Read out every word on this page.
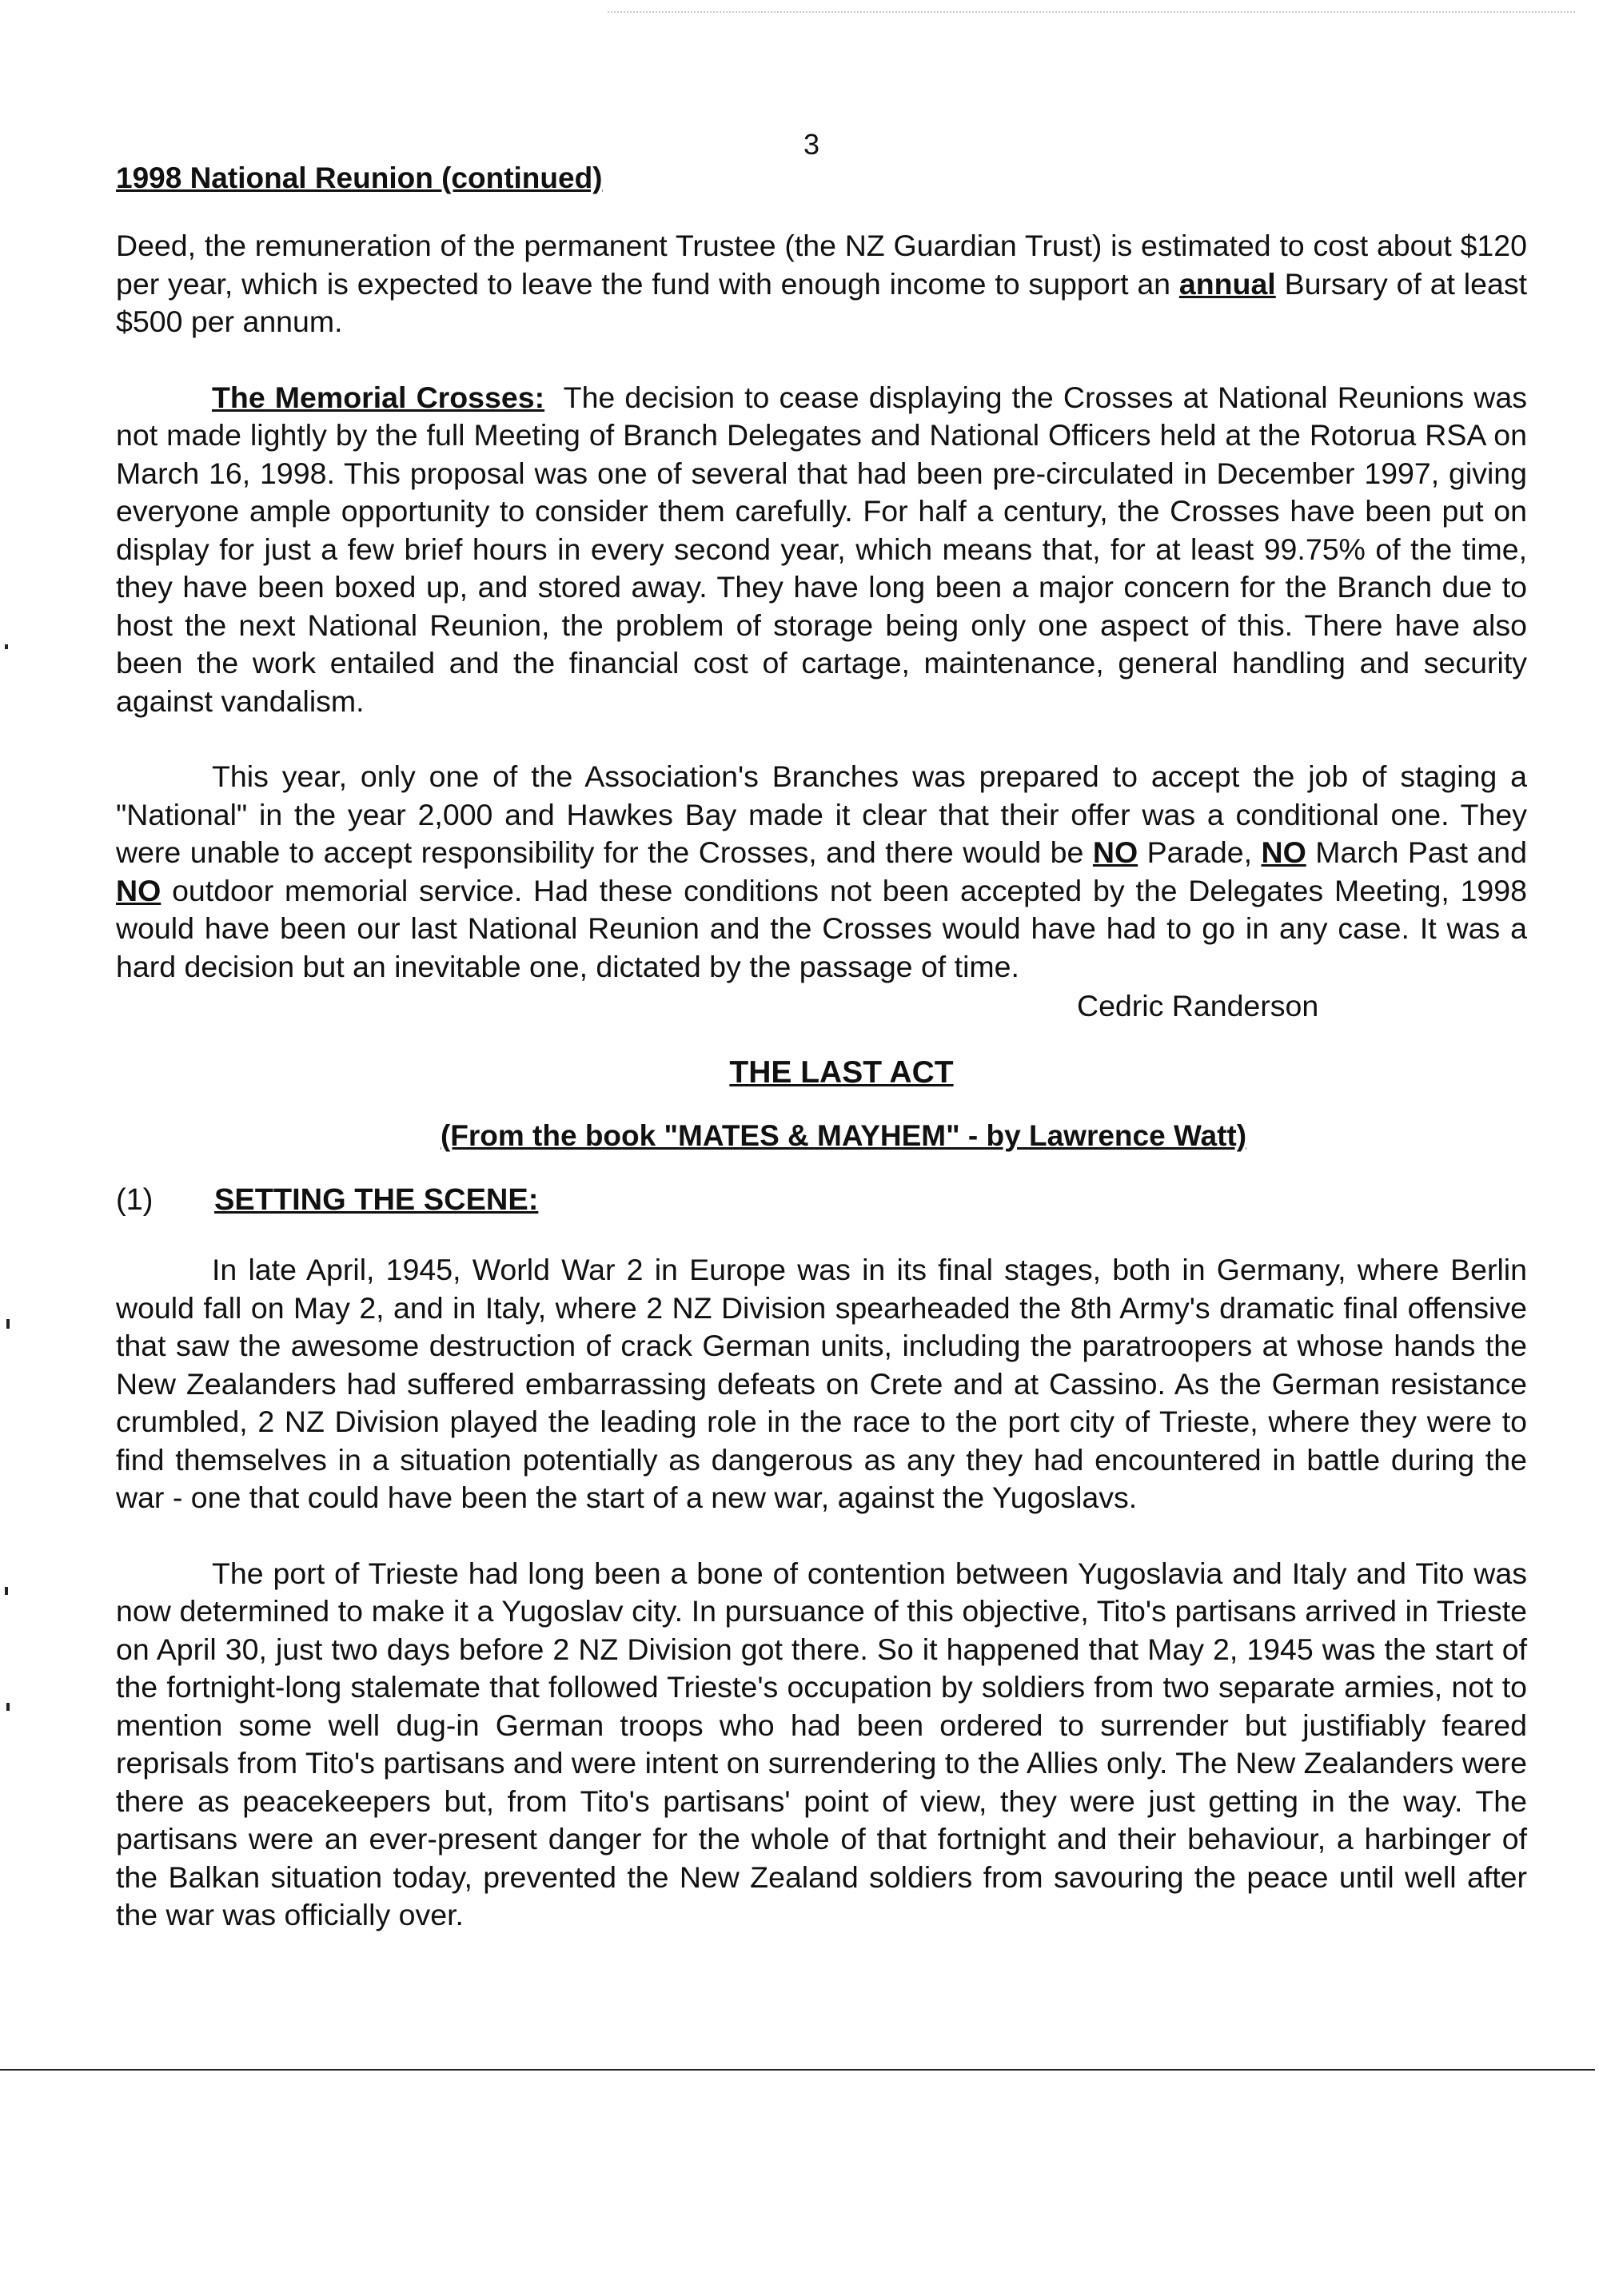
3
1998 National Reunion (continued)

Deed, the remuneration of the permanent Trustee (the NZ Guardian Trust) is estimated to cost about $120 per year, which is expected to leave the fund with enough income to support an annual Bursary of at least $500 per annum.

The Memorial Crosses: The decision to cease displaying the Crosses at National Reunions was not made lightly by the full Meeting of Branch Delegates and National Officers held at the Rotorua RSA on March 16, 1998. This proposal was one of several that had been pre-circulated in December 1997, giving everyone ample opportunity to consider them carefully. For half a century, the Crosses have been put on display for just a few brief hours in every second year, which means that, for at least 99.75% of the time, they have been boxed up, and stored away. They have long been a major concern for the Branch due to host the next National Reunion, the problem of storage being only one aspect of this. There have also been the work entailed and the financial cost of cartage, maintenance, general handling and security against vandalism.

This year, only one of the Association's Branches was prepared to accept the job of staging a "National" in the year 2,000 and Hawkes Bay made it clear that their offer was a conditional one. They were unable to accept responsibility for the Crosses, and there would be NO Parade, NO March Past and NO outdoor memorial service. Had these conditions not been accepted by the Delegates Meeting, 1998 would have been our last National Reunion and the Crosses would have had to go in any case. It was a hard decision but an inevitable one, dictated by the passage of time.

Cedric Randerson
THE LAST ACT
(From the book "MATES & MAYHEM" - by Lawrence Watt)
(1)	SETTING THE SCENE:

In late April, 1945, World War 2 in Europe was in its final stages, both in Germany, where Berlin would fall on May 2, and in Italy, where 2 NZ Division spearheaded the 8th Army's dramatic final offensive that saw the awesome destruction of crack German units, including the paratroopers at whose hands the New Zealanders had suffered embarrassing defeats on Crete and at Cassino. As the German resistance crumbled, 2 NZ Division played the leading role in the race to the port city of Trieste, where they were to find themselves in a situation potentially as dangerous as any they had encountered in battle during the war - one that could have been the start of a new war, against the Yugoslavs.

The port of Trieste had long been a bone of contention between Yugoslavia and Italy and Tito was now determined to make it a Yugoslav city. In pursuance of this objective, Tito's partisans arrived in Trieste on April 30, just two days before 2 NZ Division got there. So it happened that May 2, 1945 was the start of the fortnight-long stalemate that followed Trieste's occupation by soldiers from two separate armies, not to mention some well dug-in German troops who had been ordered to surrender but justifiably feared reprisals from Tito's partisans and were intent on surrendering to the Allies only. The New Zealanders were there as peacekeepers but, from Tito's partisans' point of view, they were just getting in the way. The partisans were an ever-present danger for the whole of that fortnight and their behaviour, a harbinger of the Balkan situation today, prevented the New Zealand soldiers from savouring the peace until well after the war was officially over.
